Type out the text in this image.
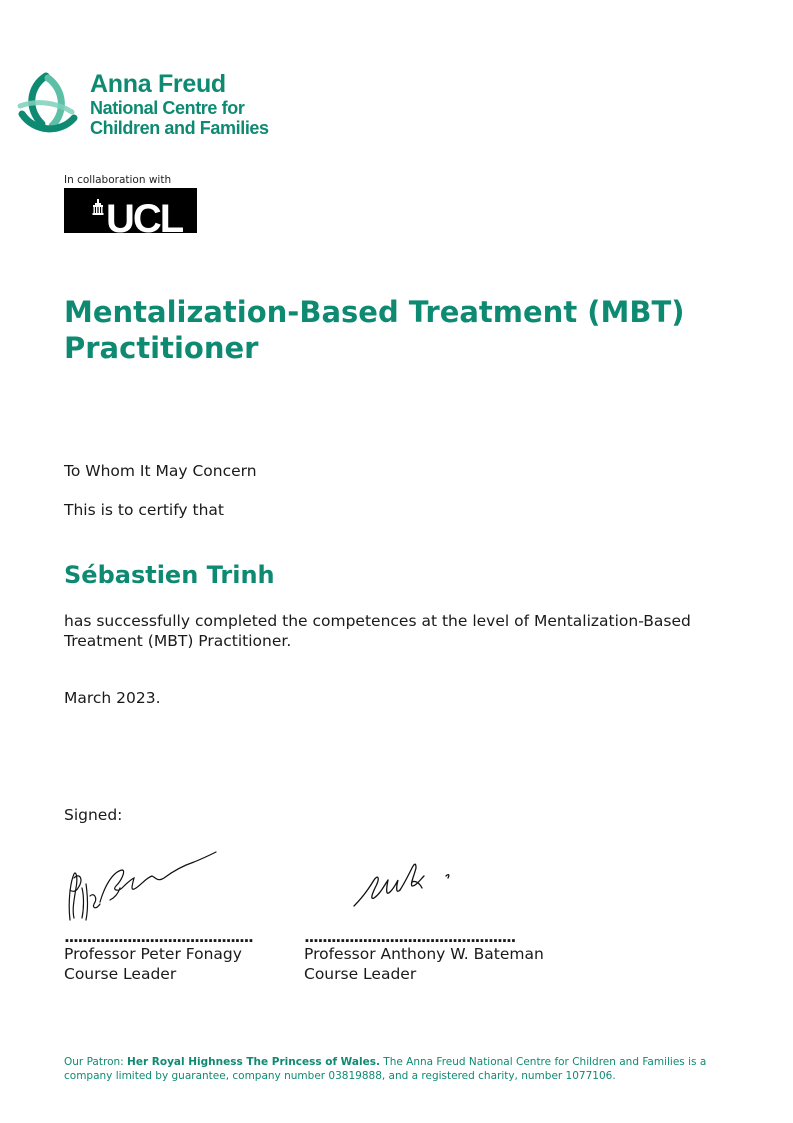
Anna Freud
National Centre for
Children and Families
In collaboration with
UCL
Mentalization-Based Treatment (MBT)
Practitioner
To Whom It May Concern
This is to certify that
Sébastien Trinh
has successfully completed the competences at the level of Mentalization-Based
Treatment (MBT) Practitioner.
March 2023.
Signed:
..........................................
Professor Peter Fonagy
Course Leader
...............................................
Professor Anthony W. Bateman
Course Leader
Our Patron: Her Royal Highness The Princess of Wales. The Anna Freud National Centre for Children and Families is a
company limited by guarantee, company number 03819888, and a registered charity, number 1077106.
